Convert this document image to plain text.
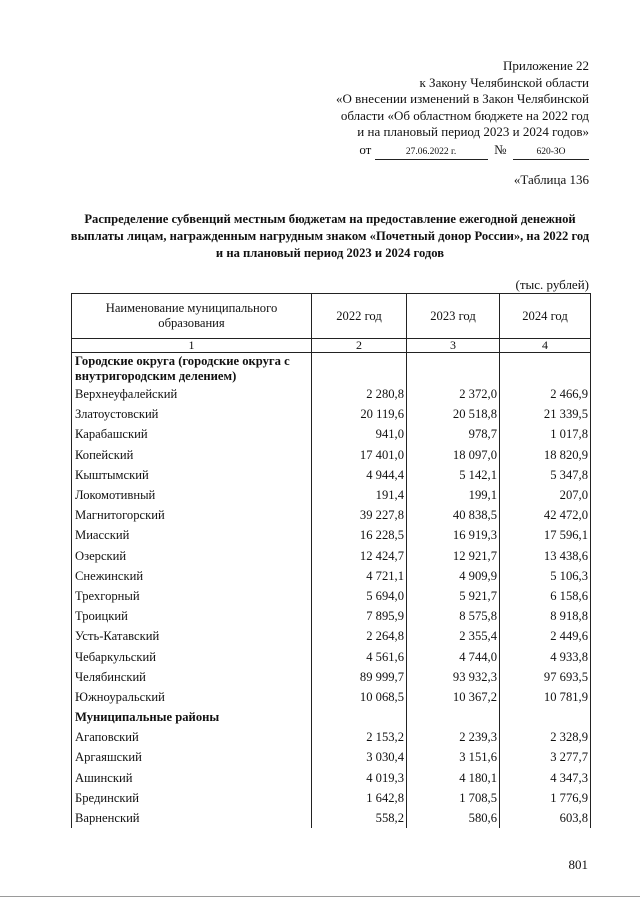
Приложение 22
к Закону Челябинской области
«О внесении изменений в Закон Челябинской
области «Об областном бюджете на 2022 год
и на плановый период 2023 и 2024 годов»
от	27.06.2022 г.	№	620-ЗО
«Таблица 136
Распределение субвенций местным бюджетам на предоставление ежегодной денежной выплаты лицам, награжденным нагрудным знаком «Почетный донор России», на 2022 год и на плановый период 2023 и 2024 годов
(тыс. рублей)
Наименование муниципального образования	2022 год	2023 год	2024 год
1	2	3	4
Городские округа (городские округа с внутригородским делением)			
Верхнеуфалейский	2 280,8	2 372,0	2 466,9
Златоустовский	20 119,6	20 518,8	21 339,5
Карабашский	941,0	978,7	1 017,8
Копейский	17 401,0	18 097,0	18 820,9
Кыштымский	4 944,4	5 142,1	5 347,8
Локомотивный	191,4	199,1	207,0
Магнитогорский	39 227,8	40 838,5	42 472,0
Миасский	16 228,5	16 919,3	17 596,1
Озерский	12 424,7	12 921,7	13 438,6
Снежинский	4 721,1	4 909,9	5 106,3
Трехгорный	5 694,0	5 921,7	6 158,6
Троицкий	7 895,9	8 575,8	8 918,8
Усть-Катавский	2 264,8	2 355,4	2 449,6
Чебаркульский	4 561,6	4 744,0	4 933,8
Челябинский	89 999,7	93 932,3	97 693,5
Южноуральский	10 068,5	10 367,2	10 781,9
Муниципальные районы			
Агаповский	2 153,2	2 239,3	2 328,9
Аргаяшский	3 030,4	3 151,6	3 277,7
Ашинский	4 019,3	4 180,1	4 347,3
Брединский	1 642,8	1 708,5	1 776,9
Варненский	558,2	580,6	603,8
801
